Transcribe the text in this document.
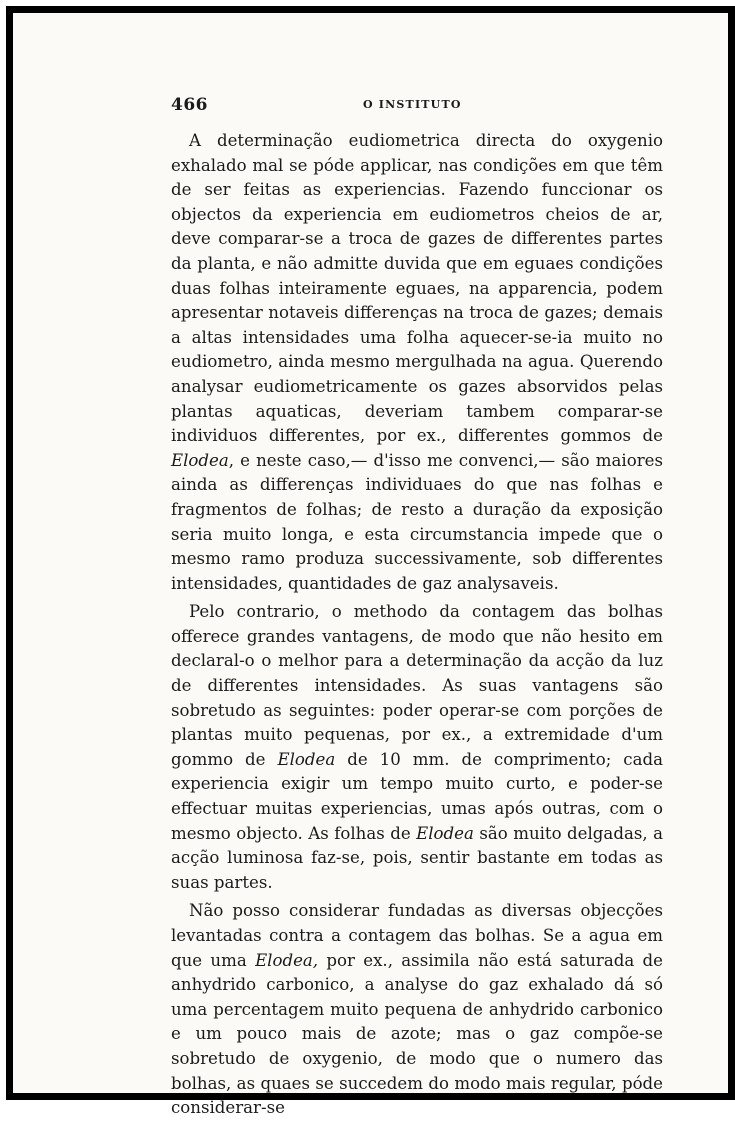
466	O INSTITUTO

A determinação eudiometrica directa do oxygenio exhalado mal se póde applicar, nas condições em que têm de ser feitas as experiencias. Fazendo funccionar os objectos da experiencia em eudiometros cheios de ar, deve comparar-se a troca de gazes de differentes partes da planta, e não admitte duvida que em eguaes condições duas folhas inteiramente eguaes, na apparencia, podem apresentar notaveis differenças na troca de gazes; demais a altas intensidades uma folha aquecer-se-ia muito no eudiometro, ainda mesmo mergulhada na agua. Querendo analysar eudiometricamente os gazes absorvidos pelas plantas aquaticas, deveriam tambem comparar-se individuos differentes, por ex., differentes gommos de Elodea, e neste caso,— d'isso me convenci,— são maiores ainda as differenças individuaes do que nas folhas e fragmentos de folhas; de resto a duração da exposição seria muito longa, e esta circumstancia impede que o mesmo ramo produza successivamente, sob differentes intensidades, quantidades de gaz analysaveis.

Pelo contrario, o methodo da contagem das bolhas offerece grandes vantagens, de modo que não hesito em declaral-o o melhor para a determinação da acção da luz de differentes intensidades. As suas vantagens são sobretudo as seguintes: poder operar-se com porções de plantas muito pequenas, por ex., a extremidade d'um gommo de Elodea de 10 mm. de comprimento; cada experiencia exigir um tempo muito curto, e poder-se effectuar muitas experiencias, umas após outras, com o mesmo objecto. As folhas de Elodea são muito delgadas, a acção luminosa faz-se, pois, sentir bastante em todas as suas partes.

Não posso considerar fundadas as diversas objecções levantadas contra a contagem das bolhas. Se a agua em que uma Elodea, por ex., assimila não está saturada de anhydrido carbonico, a analyse do gaz exhalado dá só uma percentagem muito pequena de anhydrido carbonico e um pouco mais de azote; mas o gaz compõe-se sobretudo de oxygenio, de modo que o numero das bolhas, as quaes se succedem do modo mais regular, póde considerar-se
